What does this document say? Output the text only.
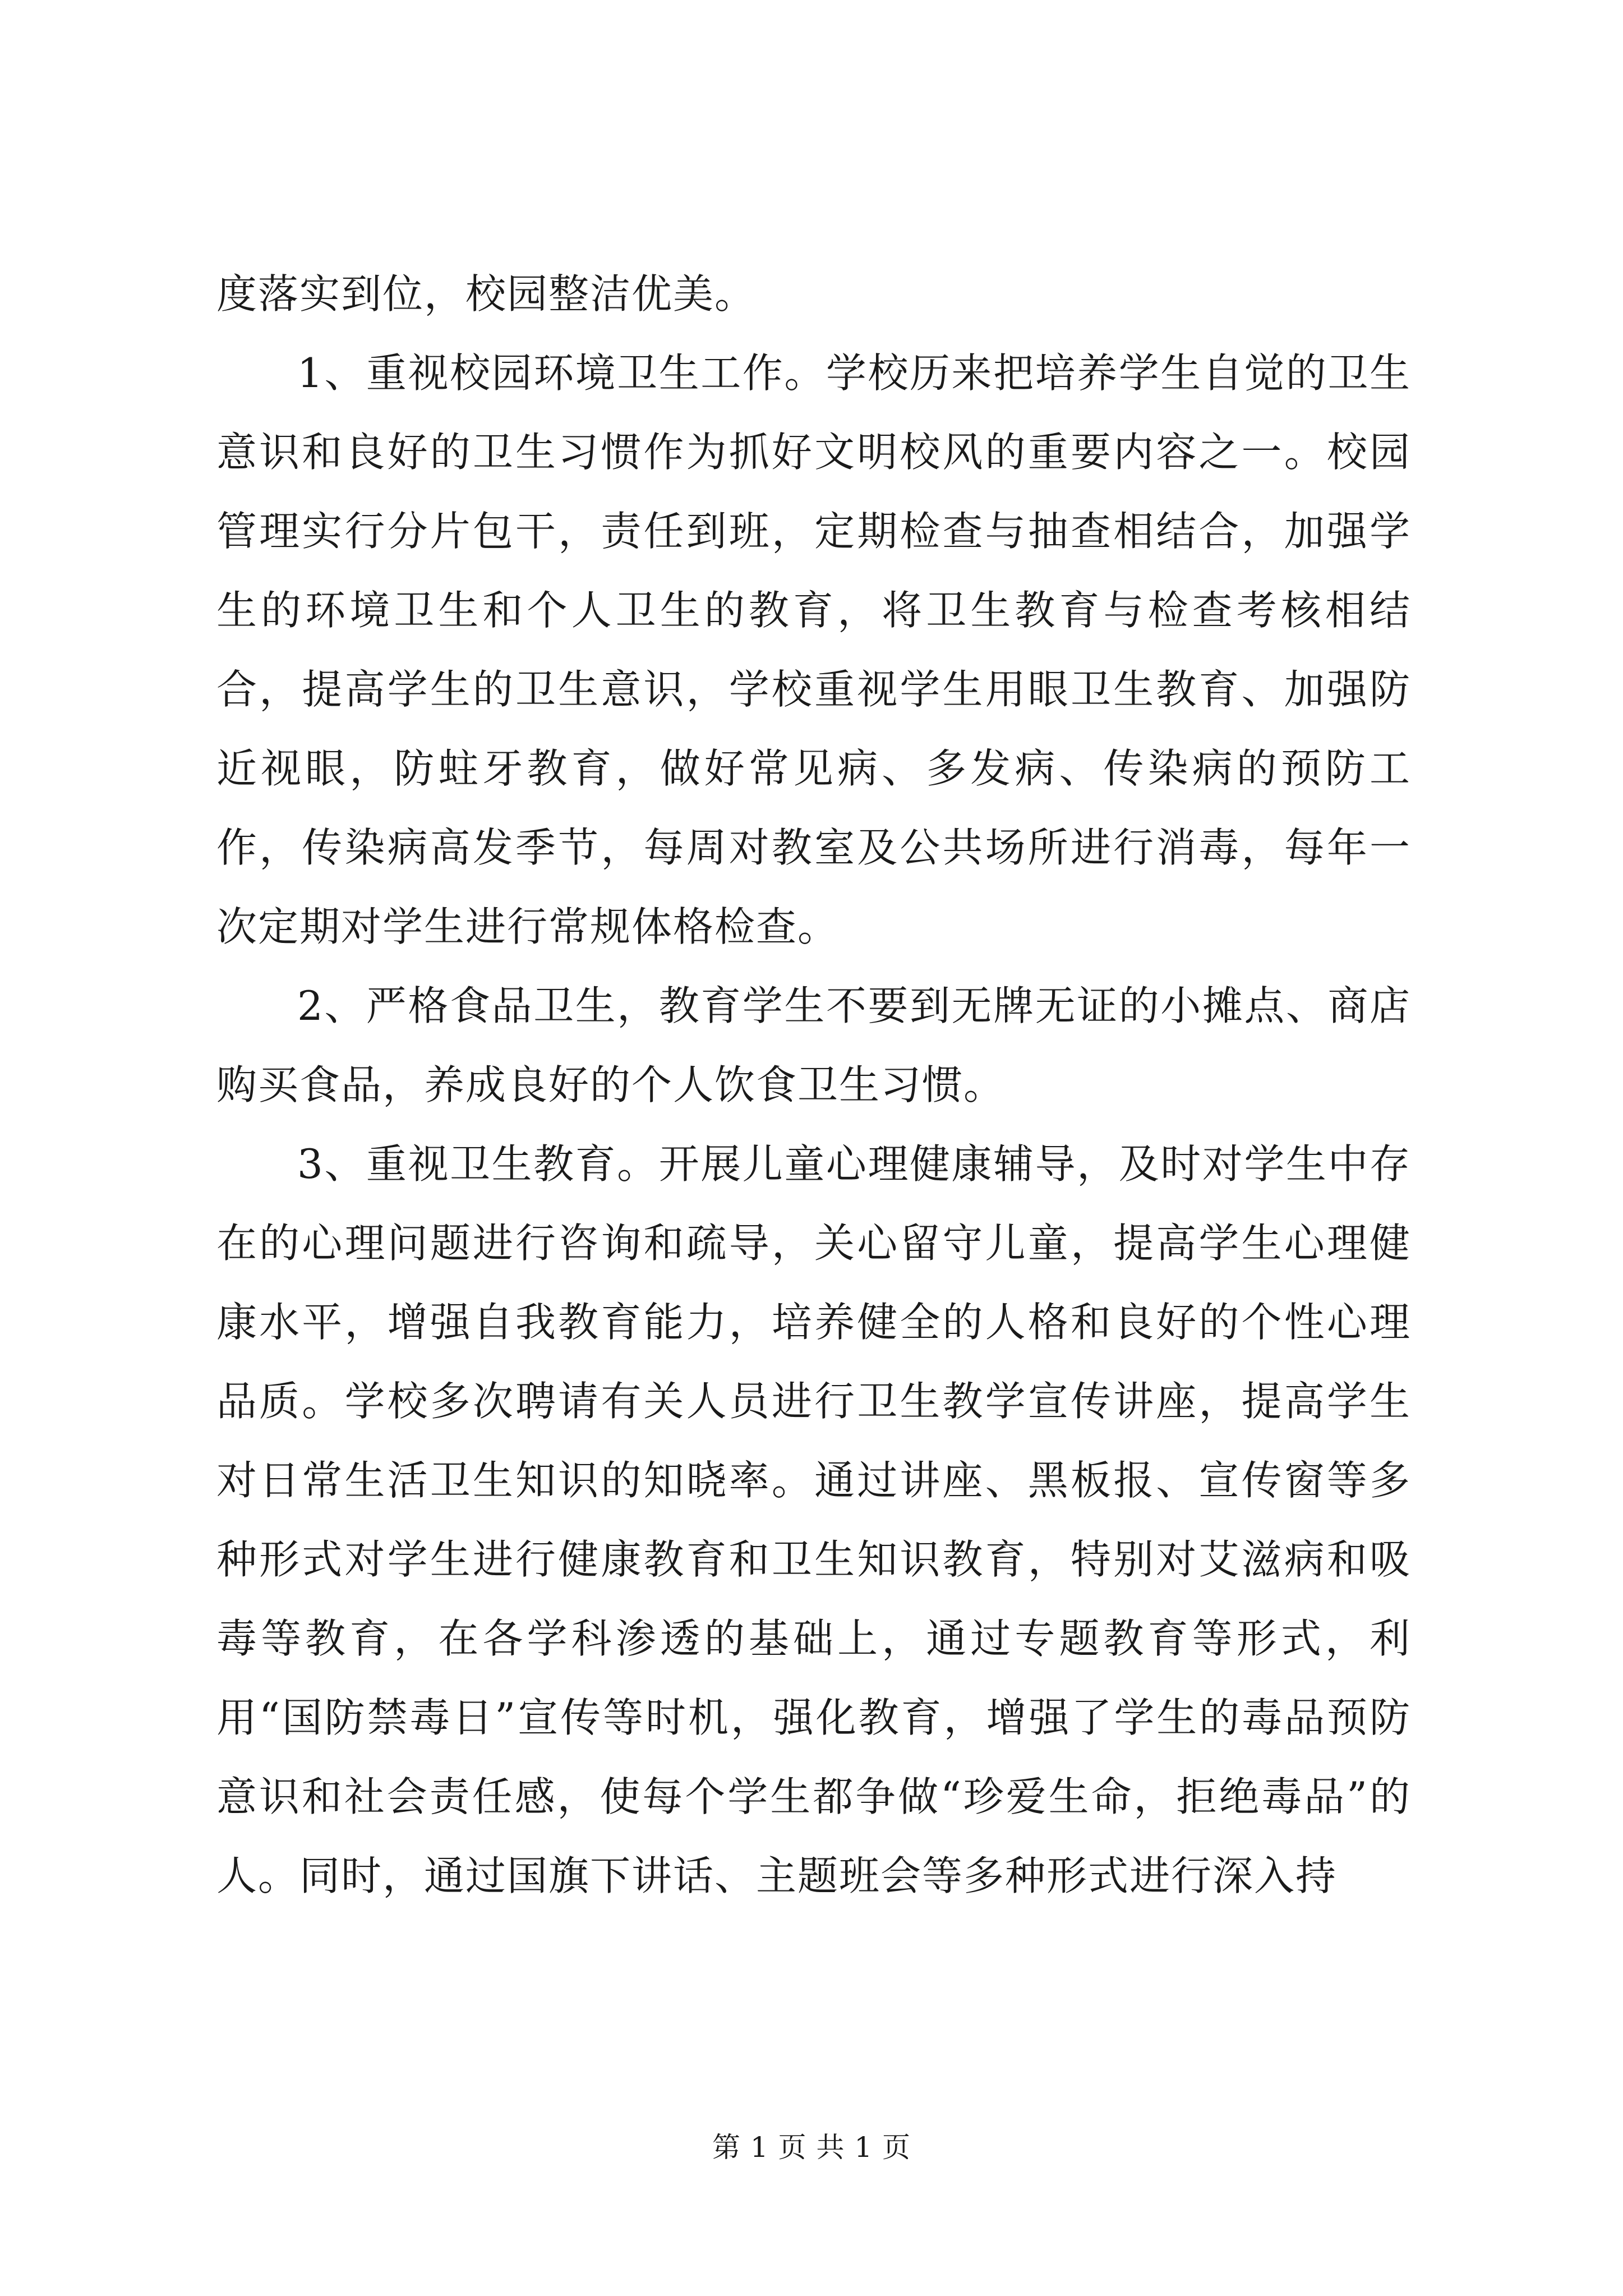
度落实到位，校园整洁优美。

1、重视校园环境卫生工作。学校历来把培养学生自觉的卫生意识和良好的卫生习惯作为抓好文明校风的重要内容之一。校园管理实行分片包干，责任到班，定期检查与抽查相结合，加强学生的环境卫生和个人卫生的教育，将卫生教育与检查考核相结合，提高学生的卫生意识，学校重视学生用眼卫生教育、加强防近视眼，防蛀牙教育，做好常见病、多发病、传染病的预防工作，传染病高发季节，每周对教室及公共场所进行消毒，每年一次定期对学生进行常规体格检查。

2、严格食品卫生，教育学生不要到无牌无证的小摊点、商店购买食品，养成良好的个人饮食卫生习惯。

3、重视卫生教育。开展儿童心理健康辅导，及时对学生中存在的心理问题进行咨询和疏导，关心留守儿童，提高学生心理健康水平，增强自我教育能力，培养健全的人格和良好的个性心理品质。学校多次聘请有关人员进行卫生教学宣传讲座，提高学生对日常生活卫生知识的知晓率。通过讲座、黑板报、宣传窗等多种形式对学生进行健康教育和卫生知识教育，特别对艾滋病和吸毒等教育，在各学科渗透的基础上，通过专题教育等形式，利用“国防禁毒日”宣传等时机，强化教育，增强了学生的毒品预防意识和社会责任感，使每个学生都争做“珍爱生命，拒绝毒品”的人。同时，通过国旗下讲话、主题班会等多种形式进行深入持

第 1 页 共 1 页
